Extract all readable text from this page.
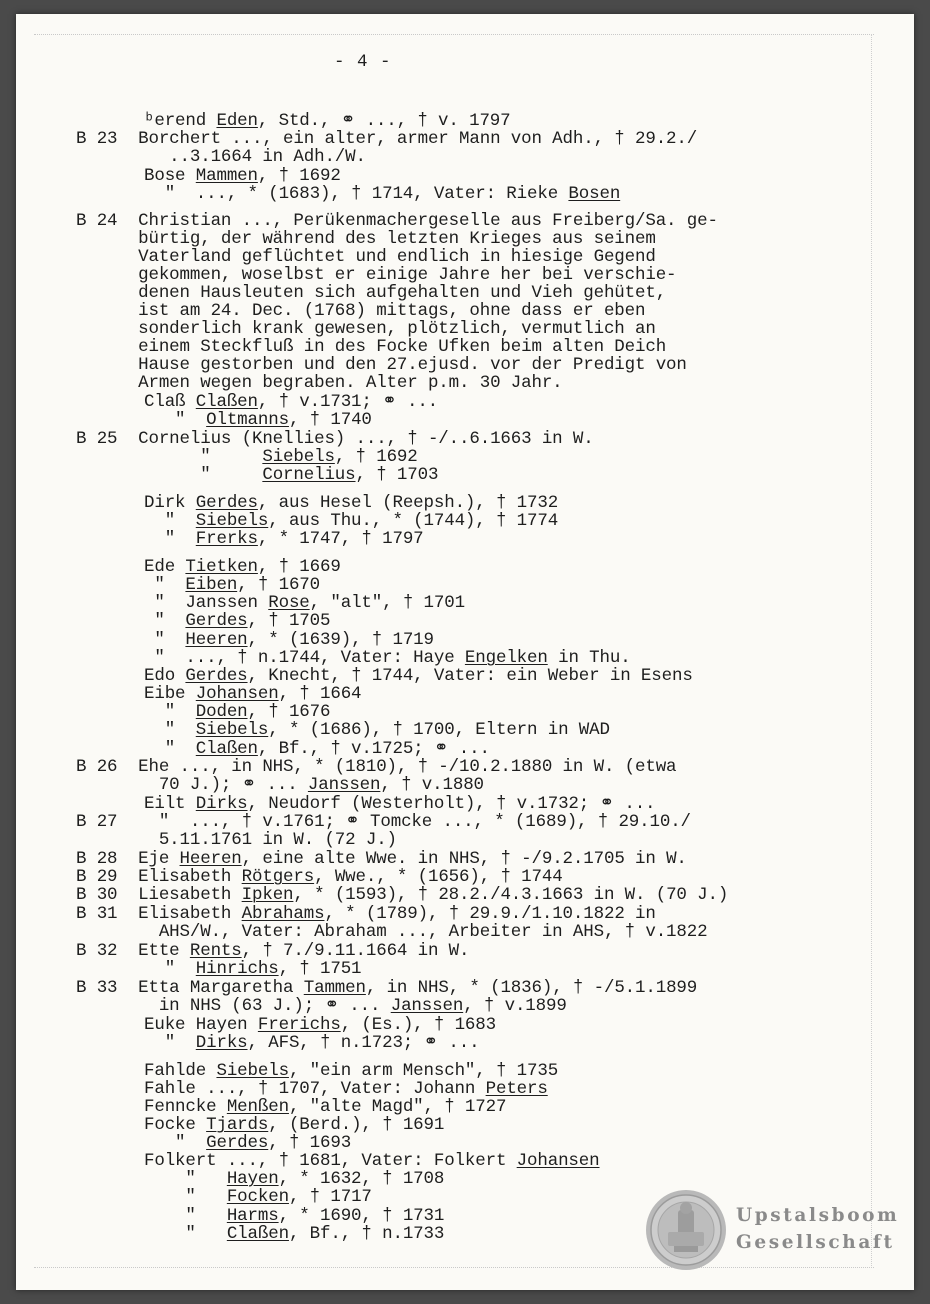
- 4 -
ᵇerend Eden, Std., ⚭ ..., † v. 1797
B 23  Borchert ..., ein alter, armer Mann von Adh., † 29.2./
..3.1664 in Adh./W.
Bose Mammen, † 1692
"  ..., * (1683), † 1714, Vater: Rieke Bosen
B 24  Christian ..., Perükenmachergeselle aus Freiberg/Sa. ge-
bürtig, der während des letzten Krieges aus seinem
Vaterland geflüchtet und endlich in hiesige Gegend
gekommen, woselbst er einige Jahre her bei verschie-
denen Hausleuten sich aufgehalten und Vieh gehütet,
ist am 24. Dec. (1768) mittags, ohne dass er eben
sonderlich krank gewesen, plötzlich, vermutlich an
einem Steckfluß in des Focke Ufken beim alten Deich
Hause gestorben und den 27.ejusd. vor der Predigt von
Armen wegen begraben. Alter p.m. 30 Jahr.
Claß Claßen, † v.1731; ⚭ ...
"  Oltmanns, † 1740
B 25  Cornelius (Knellies) ..., † -/..6.1663 in W.
"     Siebels, † 1692
"     Cornelius, † 1703
Dirk Gerdes, aus Hesel (Reepsh.), † 1732
"  Siebels, aus Thu., * (1744), † 1774
"  Frerks, * 1747, † 1797
Ede Tietken, † 1669
"  Eiben, † 1670
"  Janssen Rose, "alt", † 1701
"  Gerdes, † 1705
"  Heeren, * (1639), † 1719
"  ..., † n.1744, Vater: Haye Engelken in Thu.
Edo Gerdes, Knecht, † 1744, Vater: ein Weber in Esens
Eibe Johansen, † 1664
"  Doden, † 1676
"  Siebels, * (1686), † 1700, Eltern in WAD
"  Claßen, Bf., † v.1725; ⚭ ...
B 26  Ehe ..., in NHS, * (1810), † -/10.2.1880 in W. (etwa
70 J.); ⚭ ... Janssen, † v.1880
Eilt Dirks, Neudorf (Westerholt), † v.1732; ⚭ ...
B 27    "  ..., † v.1761; ⚭ Tomcke ..., * (1689), † 29.10./
5.11.1761 in W. (72 J.)
B 28  Eje Heeren, eine alte Wwe. in NHS, † -/9.2.1705 in W.
B 29  Elisabeth Rötgers, Wwe., * (1656), † 1744
B 30  Liesabeth Ipken, * (1593), † 28.2./4.3.1663 in W. (70 J.)
B 31  Elisabeth Abrahams, * (1789), † 29.9./1.10.1822 in
AHS/W., Vater: Abraham ..., Arbeiter in AHS, † v.1822
B 32  Ette Rents, † 7./9.11.1664 in W.
"  Hinrichs, † 1751
B 33  Etta Margaretha Tammen, in NHS, * (1836), † -/5.1.1899
in NHS (63 J.); ⚭ ... Janssen, † v.1899
Euke Hayen Frerichs, (Es.), † 1683
"  Dirks, AFS, † n.1723; ⚭ ...
Fahlde Siebels, "ein arm Mensch", † 1735
Fahle ..., † 1707, Vater: Johann Peters
Fenncke Menßen, "alte Magd", † 1727
Focke Tjards, (Berd.), † 1691
"  Gerdes, † 1693
Folkert ..., † 1681, Vater: Folkert Johansen
"   Hayen, * 1632, † 1708
"   Focken, † 1717
"   Harms, * 1690, † 1731
"   Claßen, Bf., † n.1733
Upstalsboom
Gesellschaft
